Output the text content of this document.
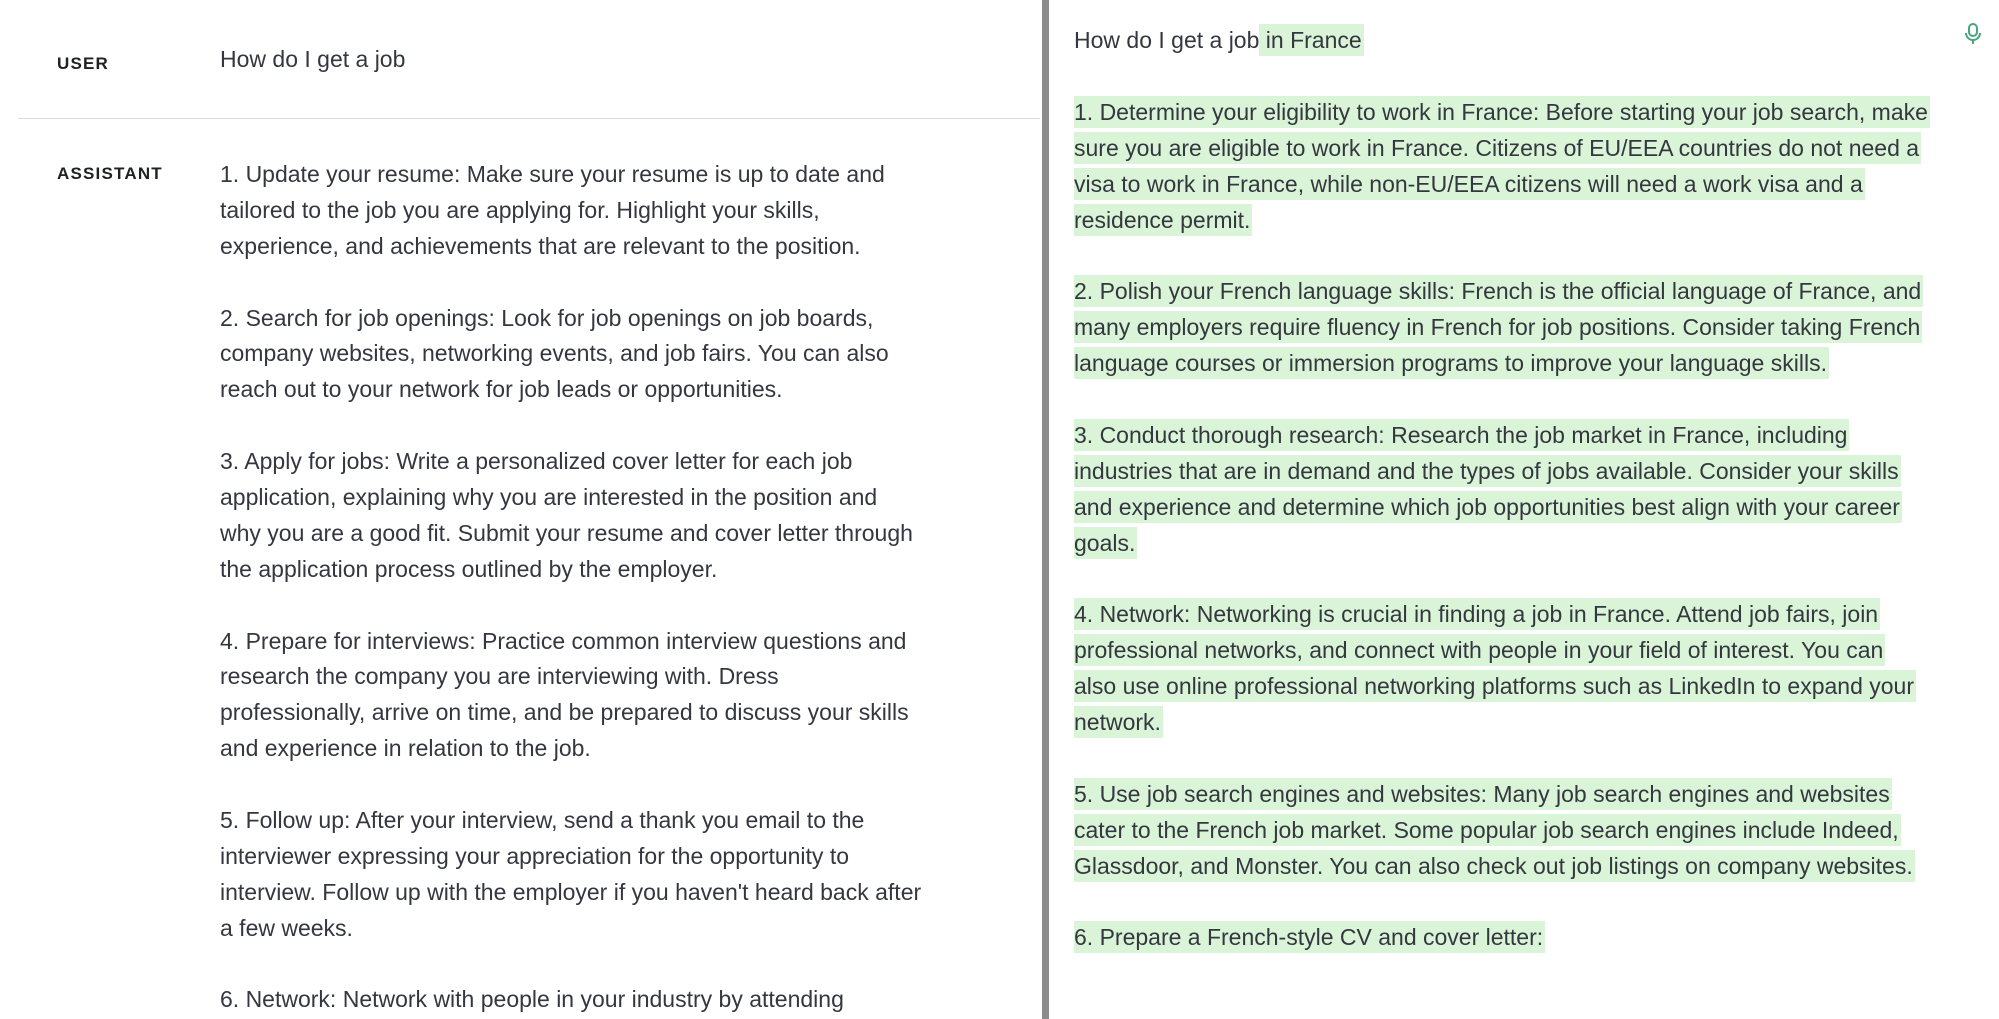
USER	How do I get a job
ASSISTANT 1. Update your resume: Make sure your resume is up to date and
tailored to the job you are applying for. Highlight your skills,
experience, and achievements that are relevant to the position.
2. Search for job openings: Look for job openings on job boards,
company websites, networking events, and job fairs. You can also
reach out to your network for job leads or opportunities.
3. Apply for jobs: Write a personalized cover letter for each job
application, explaining why you are interested in the position and
why you are a good fit. Submit your resume and cover letter through
the application process outlined by the employer.
4. Prepare for interviews: Practice common interview questions and
research the company you are interviewing with. Dress
professionally, arrive on time, and be prepared to discuss your skills
and experience in relation to the job.
5. Follow up: After your interview, send a thank you email to the
interviewer expressing your appreciation for the opportunity to
interview. Follow up with the employer if you haven't heard back after
a few weeks.
6. Network: Network with people in your industry by attending
How do I get a job in France
1. Determine your eligibility to work in France: Before starting your job search, make
sure you are eligible to work in France. Citizens of EU/EEA countries do not need a
visa to work in France, while non-EU/EEA citizens will need a work visa and a
residence permit.
2. Polish your French language skills: French is the official language of France, and
many employers require fluency in French for job positions. Consider taking French
language courses or immersion programs to improve your language skills.
3. Conduct thorough research: Research the job market in France, including
industries that are in demand and the types of jobs available. Consider your skills
and experience and determine which job opportunities best align with your career
goals.
4. Network: Networking is crucial in finding a job in France. Attend job fairs, join
professional networks, and connect with people in your field of interest. You can
also use online professional networking platforms such as LinkedIn to expand your
network.
5. Use job search engines and websites: Many job search engines and websites
cater to the French job market. Some popular job search engines include Indeed,
Glassdoor, and Monster. You can also check out job listings on company websites.
6. Prepare a French-style CV and cover letter:
